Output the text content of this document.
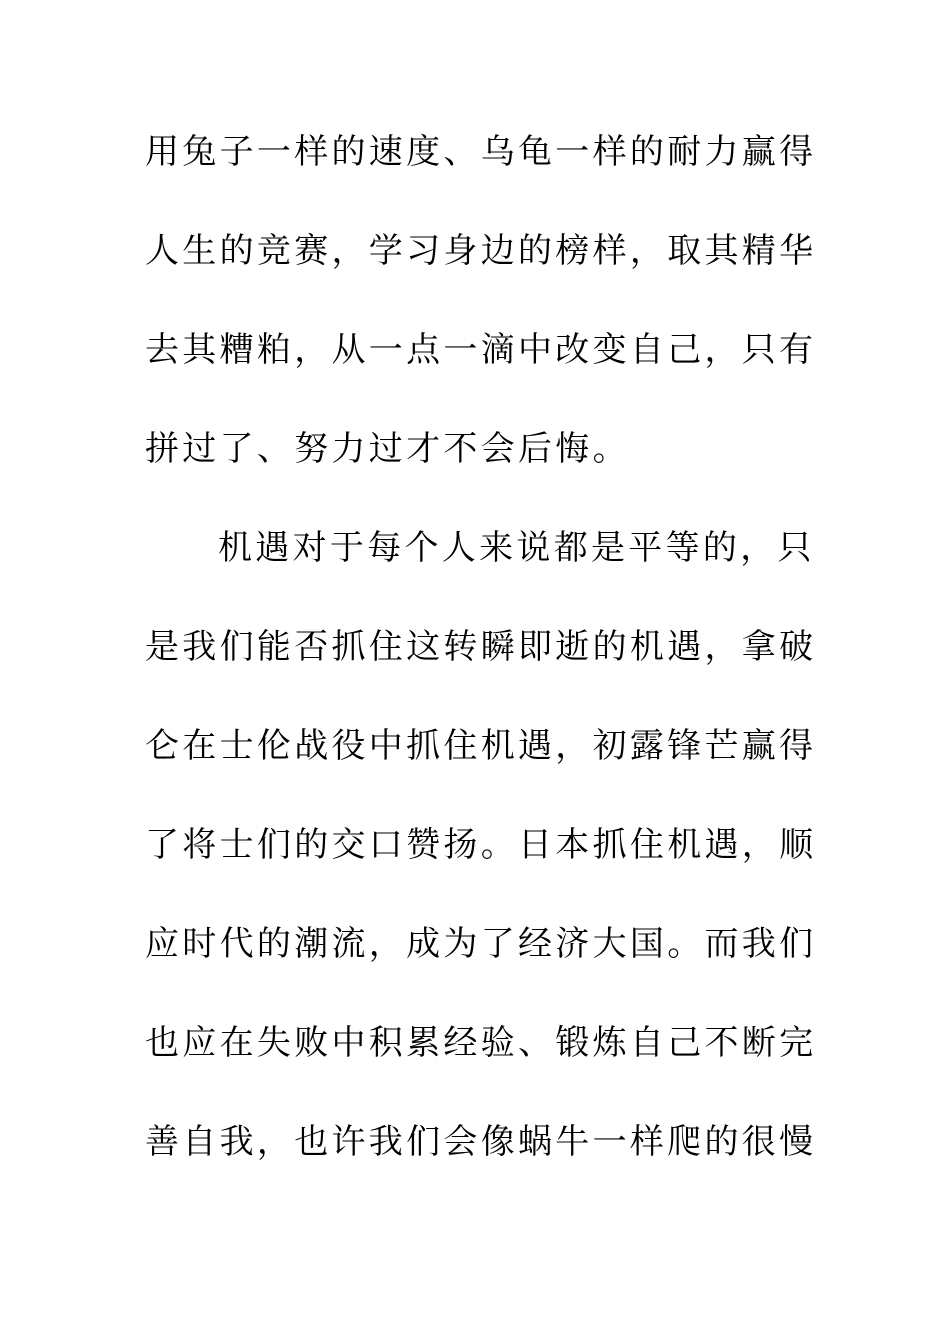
用兔子一样的速度、乌龟一样的耐力赢得
人生的竞赛，学习身边的榜样，取其精华
去其糟粕，从一点一滴中改变自己，只有
拼过了、努力过才不会后悔。
机遇对于每个人来说都是平等的，只
是我们能否抓住这转瞬即逝的机遇，拿破
仑在士伦战役中抓住机遇，初露锋芒赢得
了将士们的交口赞扬。日本抓住机遇，顺
应时代的潮流，成为了经济大国。而我们
也应在失败中积累经验、锻炼自己不断完
善自我，也许我们会像蜗牛一样爬的很慢
